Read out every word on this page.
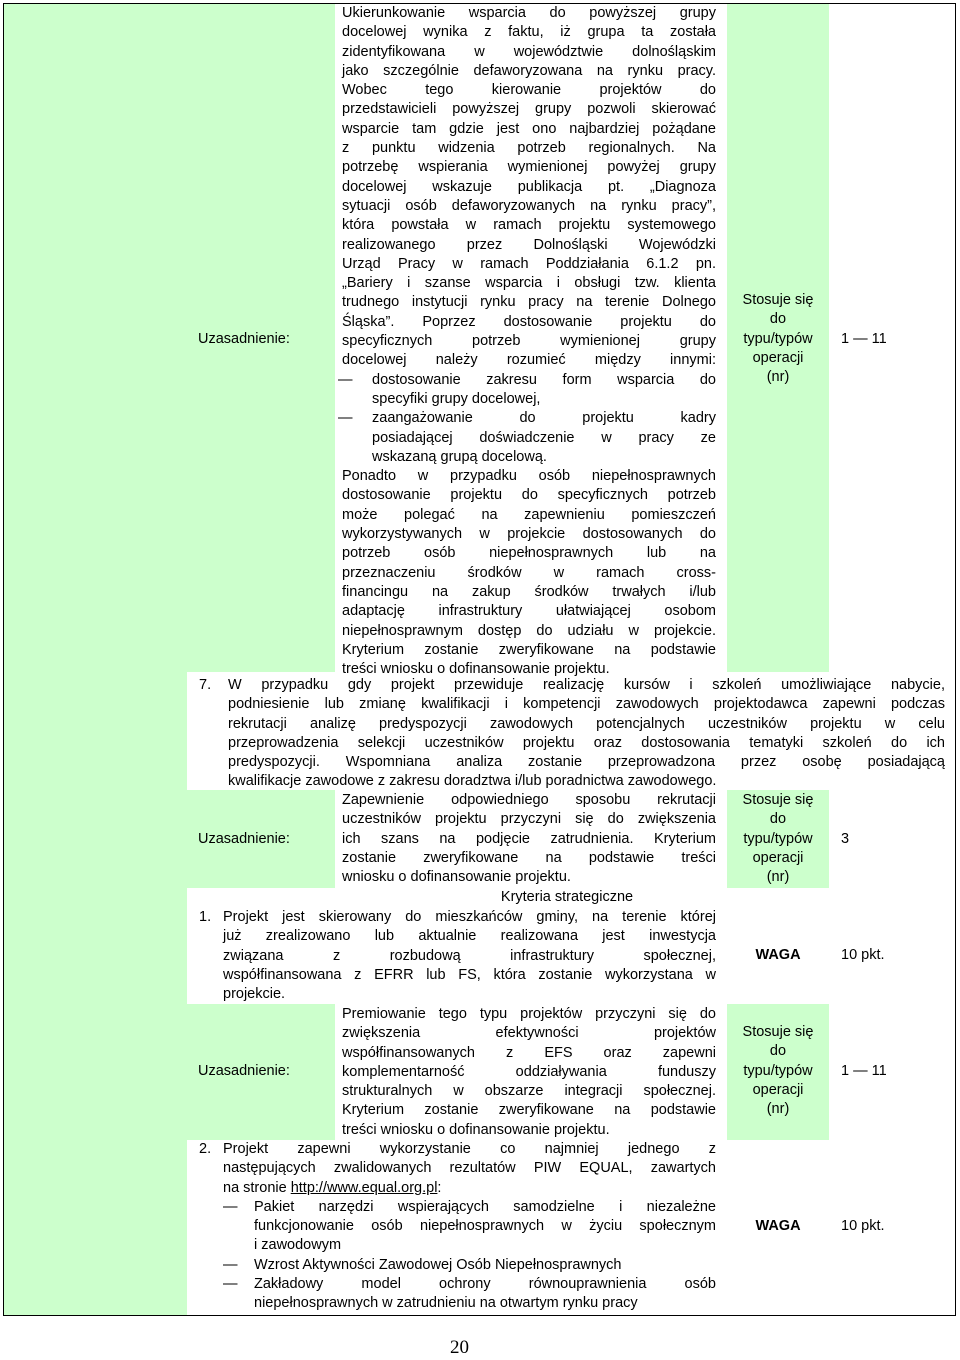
Uzasadnienie:
Ukierunkowanie wsparcia do powyższej grupy
docelowej wynika z faktu, iż grupa ta została
zidentyfikowana w województwie dolnośląskim
jako szczególnie defaworyzowana na rynku pracy.
Wobec tego kierowanie projektów do
przedstawicieli powyższej grupy pozwoli skierować
wsparcie tam gdzie jest ono najbardziej pożądane
z punktu widzenia potrzeb regionalnych. Na
potrzebę wspierania wymienionej powyżej grupy
docelowej wskazuje publikacja pt. „Diagnoza
sytuacji osób defaworyzowanych na rynku pracy”,
która powstała w ramach projektu systemowego
realizowanego przez Dolnośląski Wojewódzki
Urząd Pracy w ramach Poddziałania 6.1.2 pn.
„Bariery i szanse wsparcia i obsługi tzw. klienta
trudnego instytucji rynku pracy na terenie Dolnego
Śląska”. Poprzez dostosowanie projektu do
specyficznych potrzeb wymienionej grupy
docelowej należy rozumieć między innymi:
— dostosowanie zakresu form wsparcia do
specyfiki grupy docelowej,
— zaangażowanie do projektu kadry
posiadającej doświadczenie w pracy ze
wskazaną grupą docelową.
Ponadto w przypadku osób niepełnosprawnych
dostosowanie projektu do specyficznych potrzeb
może polegać na zapewnieniu pomieszczeń
wykorzystywanych w projekcie dostosowanych do
potrzeb osób niepełnosprawnych lub na
przeznaczeniu środków w ramach cross-
financingu na zakup środków trwałych i/lub
adaptację infrastruktury ułatwiającej osobom
niepełnosprawnym dostęp do udziału w projekcie.
Kryterium zostanie zweryfikowane na podstawie
treści wniosku o dofinansowanie projektu.
Stosuje się
do
typu/typów
operacji
(nr)
1 — 11
7. W przypadku gdy projekt przewiduje realizację kursów i szkoleń umożliwiające nabycie,
podniesienie lub zmianę kwalifikacji i kompetencji zawodowych projektodawca zapewni podczas
rekrutacji analizę predyspozycji zawodowych potencjalnych uczestników projektu w celu
przeprowadzenia selekcji uczestników projektu oraz dostosowania tematyki szkoleń do ich
predyspozycji. Wspomniana analiza zostanie przeprowadzona przez osobę posiadającą
kwalifikacje zawodowe z zakresu doradztwa i/lub poradnictwa zawodowego.
Uzasadnienie:
Zapewnienie odpowiedniego sposobu rekrutacji
uczestników projektu przyczyni się do zwiększenia
ich szans na podjęcie zatrudnienia. Kryterium
zostanie zweryfikowane na podstawie treści
wniosku o dofinansowanie projektu.
Stosuje się
do
typu/typów
operacji
(nr)
3
Kryteria strategiczne
1. Projekt jest skierowany do mieszkańców gminy, na terenie której
już zrealizowano lub aktualnie realizowana jest inwestycja
związana z rozbudową infrastruktury społecznej,
współfinansowana z EFRR lub FS, która zostanie wykorzystana w
projekcie.
WAGA	10 pkt.
Uzasadnienie:
Premiowanie tego typu projektów przyczyni się do
zwiększenia efektywności projektów
współfinansowanych z EFS oraz zapewni
komplementarność oddziaływania funduszy
strukturalnych w obszarze integracji społecznej.
Kryterium zostanie zweryfikowane na podstawie
treści wniosku o dofinansowanie projektu.
Stosuje się
do
typu/typów
operacji
(nr)
1 — 11
2. Projekt zapewni wykorzystanie co najmniej jednego z
następujących zwalidowanych rezultatów PIW EQUAL, zawartych
na stronie http://www.equal.org.pl:
— Pakiet narzędzi wspierających samodzielne i niezależne
funkcjonowanie osób niepełnosprawnych w życiu społecznym
i zawodowym
— Wzrost Aktywności Zawodowej Osób Niepełnosprawnych
— Zakładowy model ochrony równouprawnienia osób
niepełnosprawnych w zatrudnieniu na otwartym rynku pracy
WAGA	10 pkt.
20
